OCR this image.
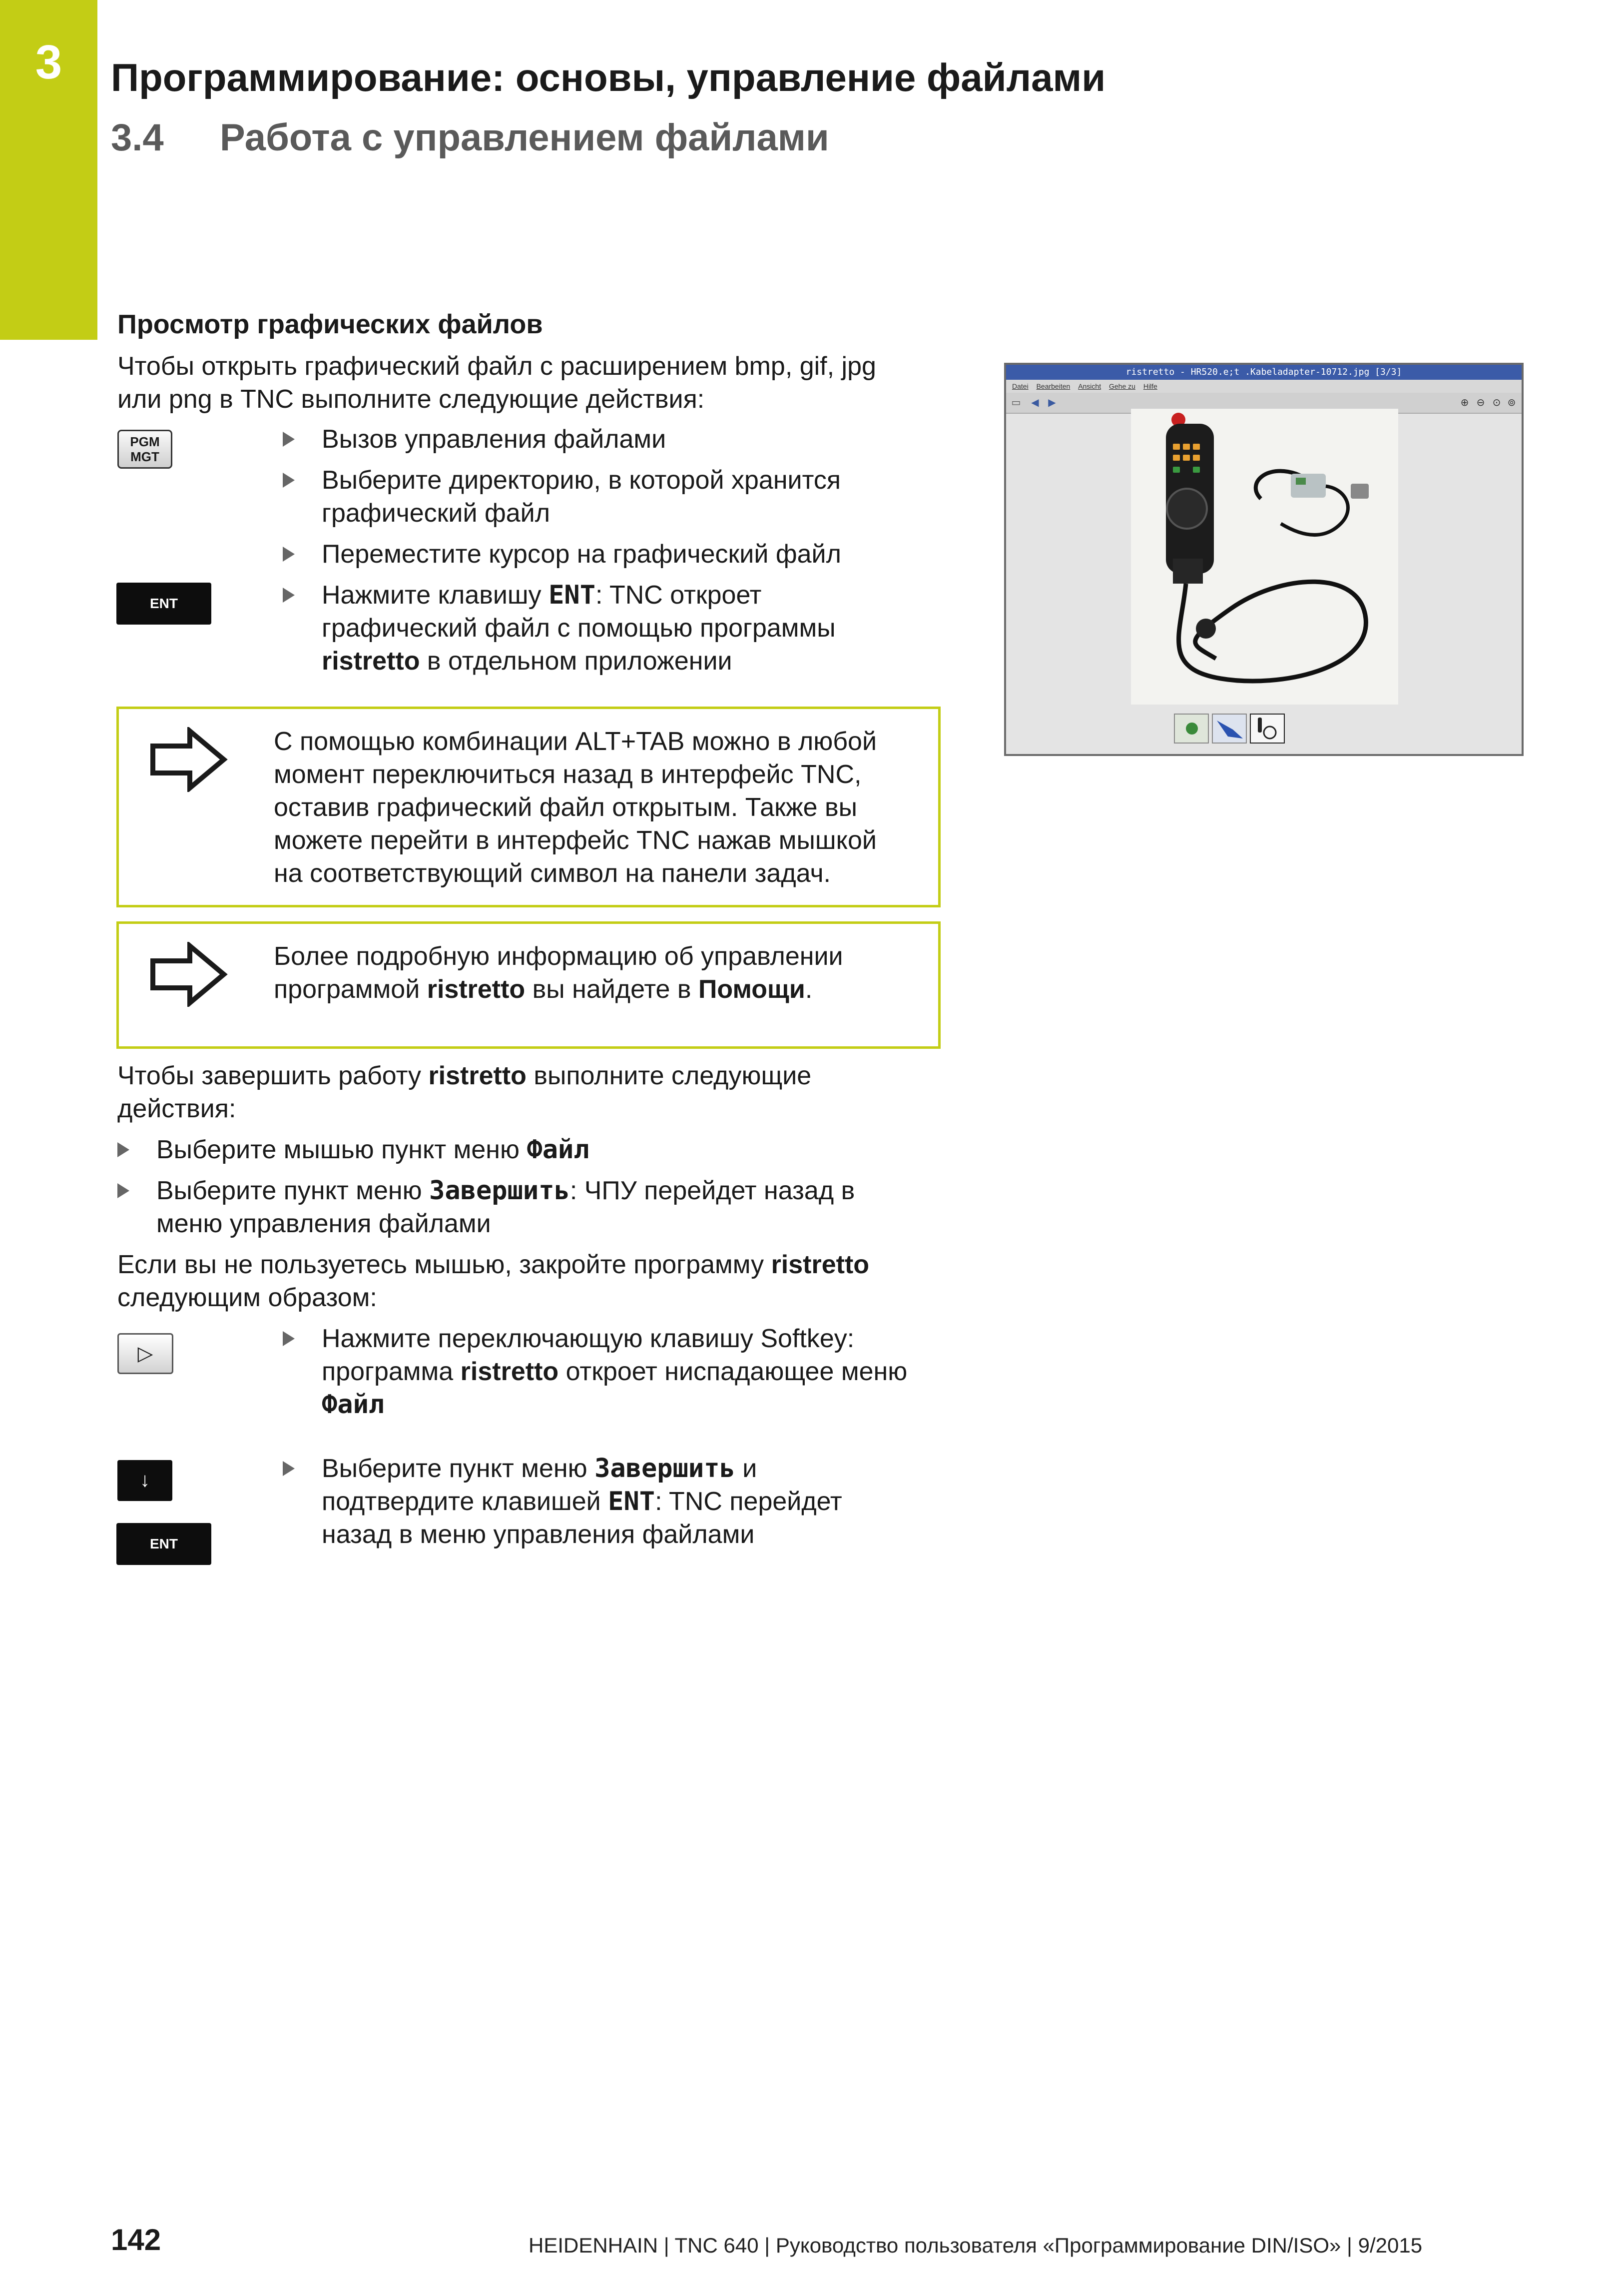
3	Программирование: основы, управление файлами
3.4 Работа с управлением файлами
Просмотр графических файлов
Чтобы открыть графический файл с расширением bmp, gif, jpg
или png в TNC выполните следующие действия:
PGM
MGT
Вызов управления файлами
Выберите директорию, в которой хранится
графический файл
Переместите курсор на графический файл
ENT	Нажмите клавишу ENT: TNC откроет
графический файл с помощью программы
ristretto в отдельном приложении
С помощью комбинации ALT+TAB можно в любой
момент переключиться назад в интерфейс TNC,
оставив графический файл открытым. Также вы
можете перейти в интерфейс TNC нажав мышкой
на соответствующий символ на панели задач.
Более подробную информацию об управлении
программой ristretto вы найдете в Помощи.
Чтобы завершить работу ristretto выполните следующие
действия:
Выберите мышью пункт меню Файл
Выберите пункт меню Завершить: ЧПУ перейдет назад в
меню управления файлами
Если вы не пользуетесь мышью, закройте программу ristretto
следующим образом:
▷
Нажмите переключающую клавишу Softkey:
программа ristretto откроет ниспадающее меню
Файл
↓
ENT
Выберите пункт меню Завершить и
подтвердите клавишей ENT: TNC перейдет
назад в меню управления файлами
ristretto - HR520.e;t .Kabeladapter-10712.jpg [3/3]
Datei Bearbeiten Ansicht Gehe zu Hilfe
▭ ◀ ▶	⊕ ⊖ ⊙ ⊚
142	HEIDENHAIN | TNC 640 | Руководство пользователя «Программирование DIN/ISO» | 9/2015
